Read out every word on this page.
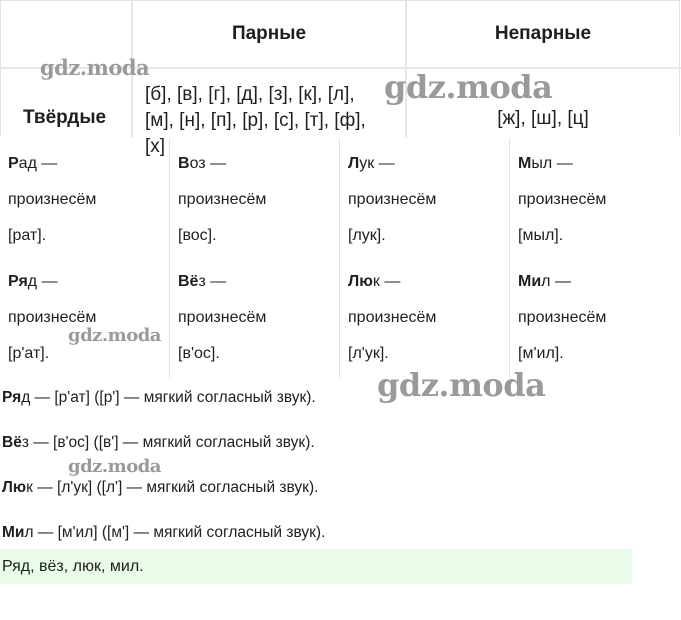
Парные	Непарные
Твёрдые
[б], [в], [г], [д], [з], [к], [л],
[м], [н], [п], [р], [с], [т], [ф],
[х]
[ж], [ш], [ц]
Рад —
произнесём
[рат].
Воз —
произнесём
[вос].
Лук —
произнесём
[лук].
Мыл —
произнесём
[мыл].
Ряд —
произнесём
[р'ат].
Вёз —
произнесём
[в'ос].
Люк —
произнесём
[л'ук].
Мил —
произнесём
[м'ил].
Ряд — [р'ат] ([р'] — мягкий согласный звук).
Вёз — [в'ос] ([в'] — мягкий согласный звук).
Люк — [л'ук] ([л'] — мягкий согласный звук).
Мил — [м'ил] ([м'] — мягкий согласный звук).
Ряд, вёз, люк, мил.
gdz.moda
gdz.moda
gdz.moda
gdz.moda
gdz.moda
